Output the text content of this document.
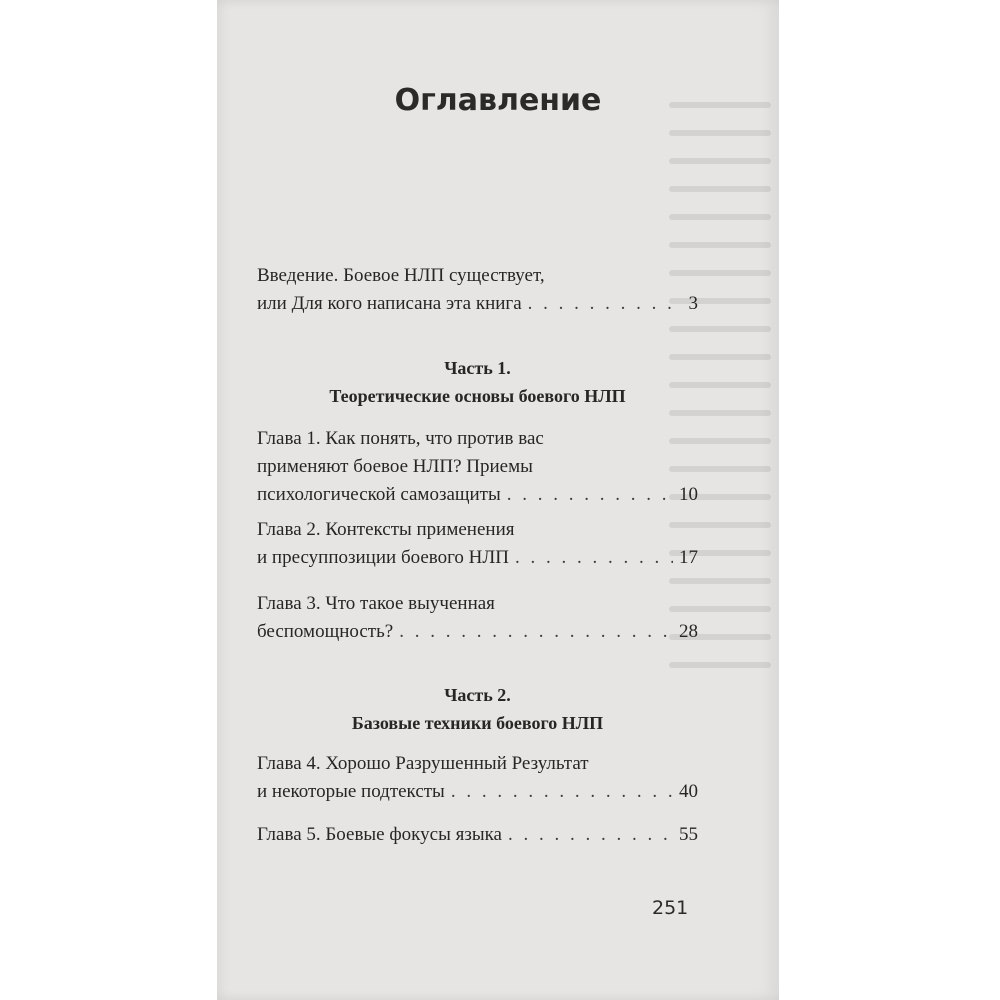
Оглавление
Введение. Боевое НЛП существует,
или Для кого написана эта книга . . .	3
Часть 1.
Теоретические основы боевого НЛП
Глава 1. Как понять, что против вас
применяют боевое НЛП? Приемы
психологической самозащиты . . .	10
Глава 2. Контексты применения
и пресуппозиции боевого НЛП . . .	17
Глава 3. Что такое выученная
беспомощность? . . .	28
Часть 2.
Базовые техники боевого НЛП
Глава 4. Хорошо Разрушенный Результат
и некоторые подтексты . . .	40
Глава 5. Боевые фокусы языка . . .	55
251
